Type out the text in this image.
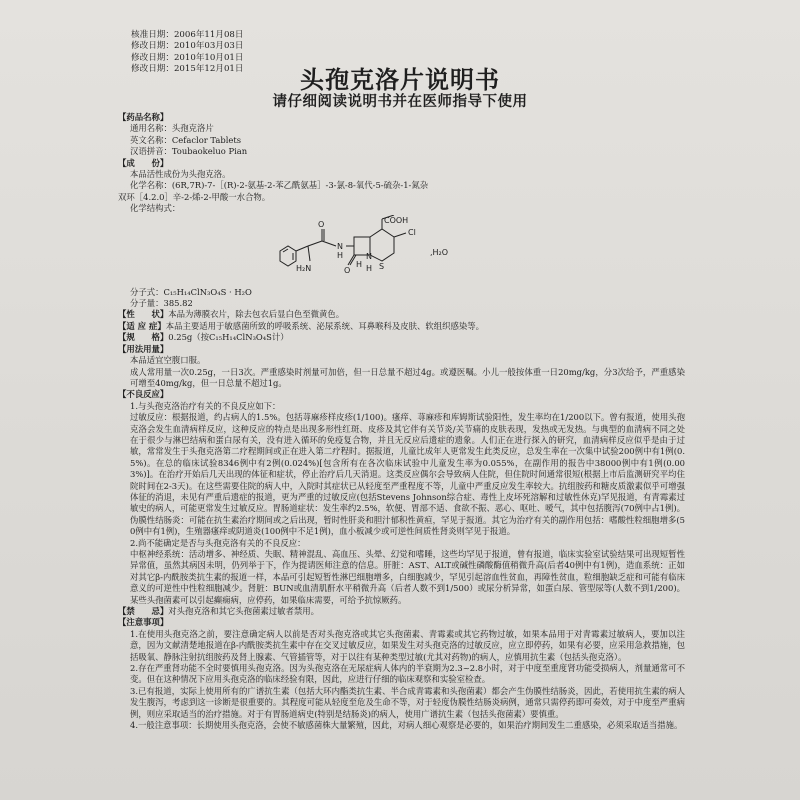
核准日期：2006年11月08日
修改日期：2010年03月03日
修改日期：2010年10月01日
修改日期：2015年12月01日	头孢克洛片说明书
请仔细阅读说明书并在医师指导下使用
【药品名称】
通用名称：头孢克洛片
英文名称：Cefaclor Tablets
汉语拼音：Toubaokeluo Pian
【成　　份】
本品活性成份为头孢克洛。
化学名称：(6R,7R)-7-［(R)-2-氨基-2-苯乙酰氨基］-3-氯-8-氧代-5-硫杂-1-氮杂
双环［4.2.0］辛-2-烯-2-甲酸一水合物。
化学结构式：
COOH
O
O
Cl
S
N
N
H
H H
H₂N
,H₂O
分子式：C₁₅H₁₄ClN₃O₄S · H₂O
分子量：385.82
【性　　状】本品为薄膜衣片，除去包衣后显白色至微黄色。
【适 应 症】本品主要适用于敏感菌所致的呼吸系统、泌尿系统、耳鼻喉科及皮肤、软组织感染等。
【规　　格】0.25g（按C₁₅H₁₄ClN₃O₄S计）
【用法用量】
本品适宜空腹口服。
成人常用量一次0.25g，一日3次。严重感染时剂量可加倍，但一日总量不超过4g。或遵医嘱。小儿一般按体重一日20mg/kg，分3次给予，严重感染可增至40mg/kg，但一日总量不超过1g。
【不良反应】
1.与头孢克洛治疗有关的不良反应如下：
过敏反应：根据报道，约占病人的1.5%。包括荨麻疹样皮疹(1/100)。瘙痒、荨麻疹和库姆斯试验阳性，发生率均在1/200以下。曾有报道，使用头孢克洛会发生血清病样反应，这种反应的特点是出现多形性红斑、皮疹及其它伴有关节炎/关节痛的皮肤表现，发热或无发热。与典型的血清病不同之处在于很少与淋巴结病和蛋白尿有关，没有进入循环的免疫复合物，并且无反应后遗症的遗象。人们正在进行探入的研究，血清病样反应似乎是由于过敏，常常发生于头孢克洛第二疗程期间或正在进入第二疗程时。据报道，儿童比成年人更常发生此类反应，总发生率在一次集中试验200例中有1例(0.5%)。在总的临床试验8346例中有2例(0.024%)[包含所有在各次临床试验中儿童发生率为0.055%，在副作用的报告中38000例中有1例(0.003%)]。在治疗开始后几天出现的体征和症状，停止治疗后几天消退。这类反应偶尔会导致病人住院，但住院时间通常很短(根据上市后监测研究平均住院时间在2-3天)。在这些需要住院的病人中，入院时其症状已从轻度至严重程度不等，儿童中严重反应发生率较大。抗组胺药和糖皮质激素似乎可增强体征的消退，未见有严重后遗症的报道，更为严重的过敏反应(包括Stevens Johnson综合症、毒性上皮坏死溶解和过敏性休克)罕见报道，有青霉素过敏史的病人，可能更常发生过敏反应。胃肠道症状：发生率约2.5%，软便、胃部不适、食欲不振、恶心、呕吐、嗳气，其中包括腹泻(70例中占1例)。伪膜性结肠炎：可能在抗生素治疗期间或之后出现，暂时性肝炎和胆汁郁积性黄疸，罕见于报道。其它为治疗有关的副作用包括：嗜酸性粒细胞增多(50例中有1例)，生殖器瘙痒或阴道炎(100例中不足1例)，血小板减少或可逆性间质性肾炎则罕见于报道。
2.尚不能确定是否与头孢克洛有关的不良反应：
中枢神经系统：活动增多、神经质、失眠、精神混乱、高血压、头晕、幻觉和嗜睡，这些均罕见于报道，曾有报道，临床实验室试验结果可出现短暂性异常值，虽然其病因未明，仍列举于下，作为提请医师注意的信息。肝脏：AST、ALT或碱性磷酸酶值稍微升高(后者40例中有1例)，造血系统：正如对其它β-内酰胺类抗生素的报道一样，本品可引起短暂性淋巴细胞增多，白细胞减少，罕见引起溶血性贫血，再障性贫血，粒细胞缺乏症和可能有临床意义的可逆性中性粒细胞减少。肾脏：BUN或血清肌酐水平稍微升高（后者人数不到1/500）或尿分析异常，如蛋白尿、管型尿等(人数不到1/200)。某些头孢菌素可以引起癫痫病，应停药，如果临床需要，可给予抗惊厥药。
【禁　　忌】对头孢克洛和其它头孢菌素过敏者禁用。
【注意事项】
1.在使用头孢克洛之前，要注意确定病人以前是否对头孢克洛或其它头孢菌素、青霉素或其它药物过敏，如果本品用于对青霉素过敏病人，要加以注意，因为文献清楚地报道在β-内酰胺类抗生素中存在交叉过敏反应，如果发生对头孢克洛的过敏反应，应立即停药，如果有必要，应采用急救措施，包括吸氧、静脉注射抗组胺药及肾上腺素、气管插管等，对于以往有某种类型过敏(尤其对药物)的病人，应慎用抗生素（包括头孢克洛）。
2.存在严重肾功能不全时要慎用头孢克洛。因为头孢克洛在无尿症病人体内的半衰期为2.3~2.8小时，对于中度至重度肾功能受损病人，剂量通常可不变。但在这种情况下应用头孢克洛的临床经验有限，因此，应进行仔细的临床观察和实验室检查。
3.已有报道，实际上使用所有的广谱抗生素（包括大环内酯类抗生素、半合成青霉素和头孢菌素）都会产生伪膜性结肠炎，因此，若使用抗生素的病人发生腹泻，考虑到这一诊断是很重要的。其程度可能从轻度至危及生命不等，对于轻度伪膜性结肠炎病例，通常只需停药即可奏效，对于中度至严重病例，则应采取适当的治疗措施。对于有胃肠道病史(特别是结肠炎)的病人，使用广谱抗生素（包括头孢菌素）要慎重。
4.一般注意事项：长期使用头孢克洛，会使不敏感菌株大量繁殖，因此，对病人细心观察是必要的，如果治疗期间发生二重感染，必须采取适当措施。
